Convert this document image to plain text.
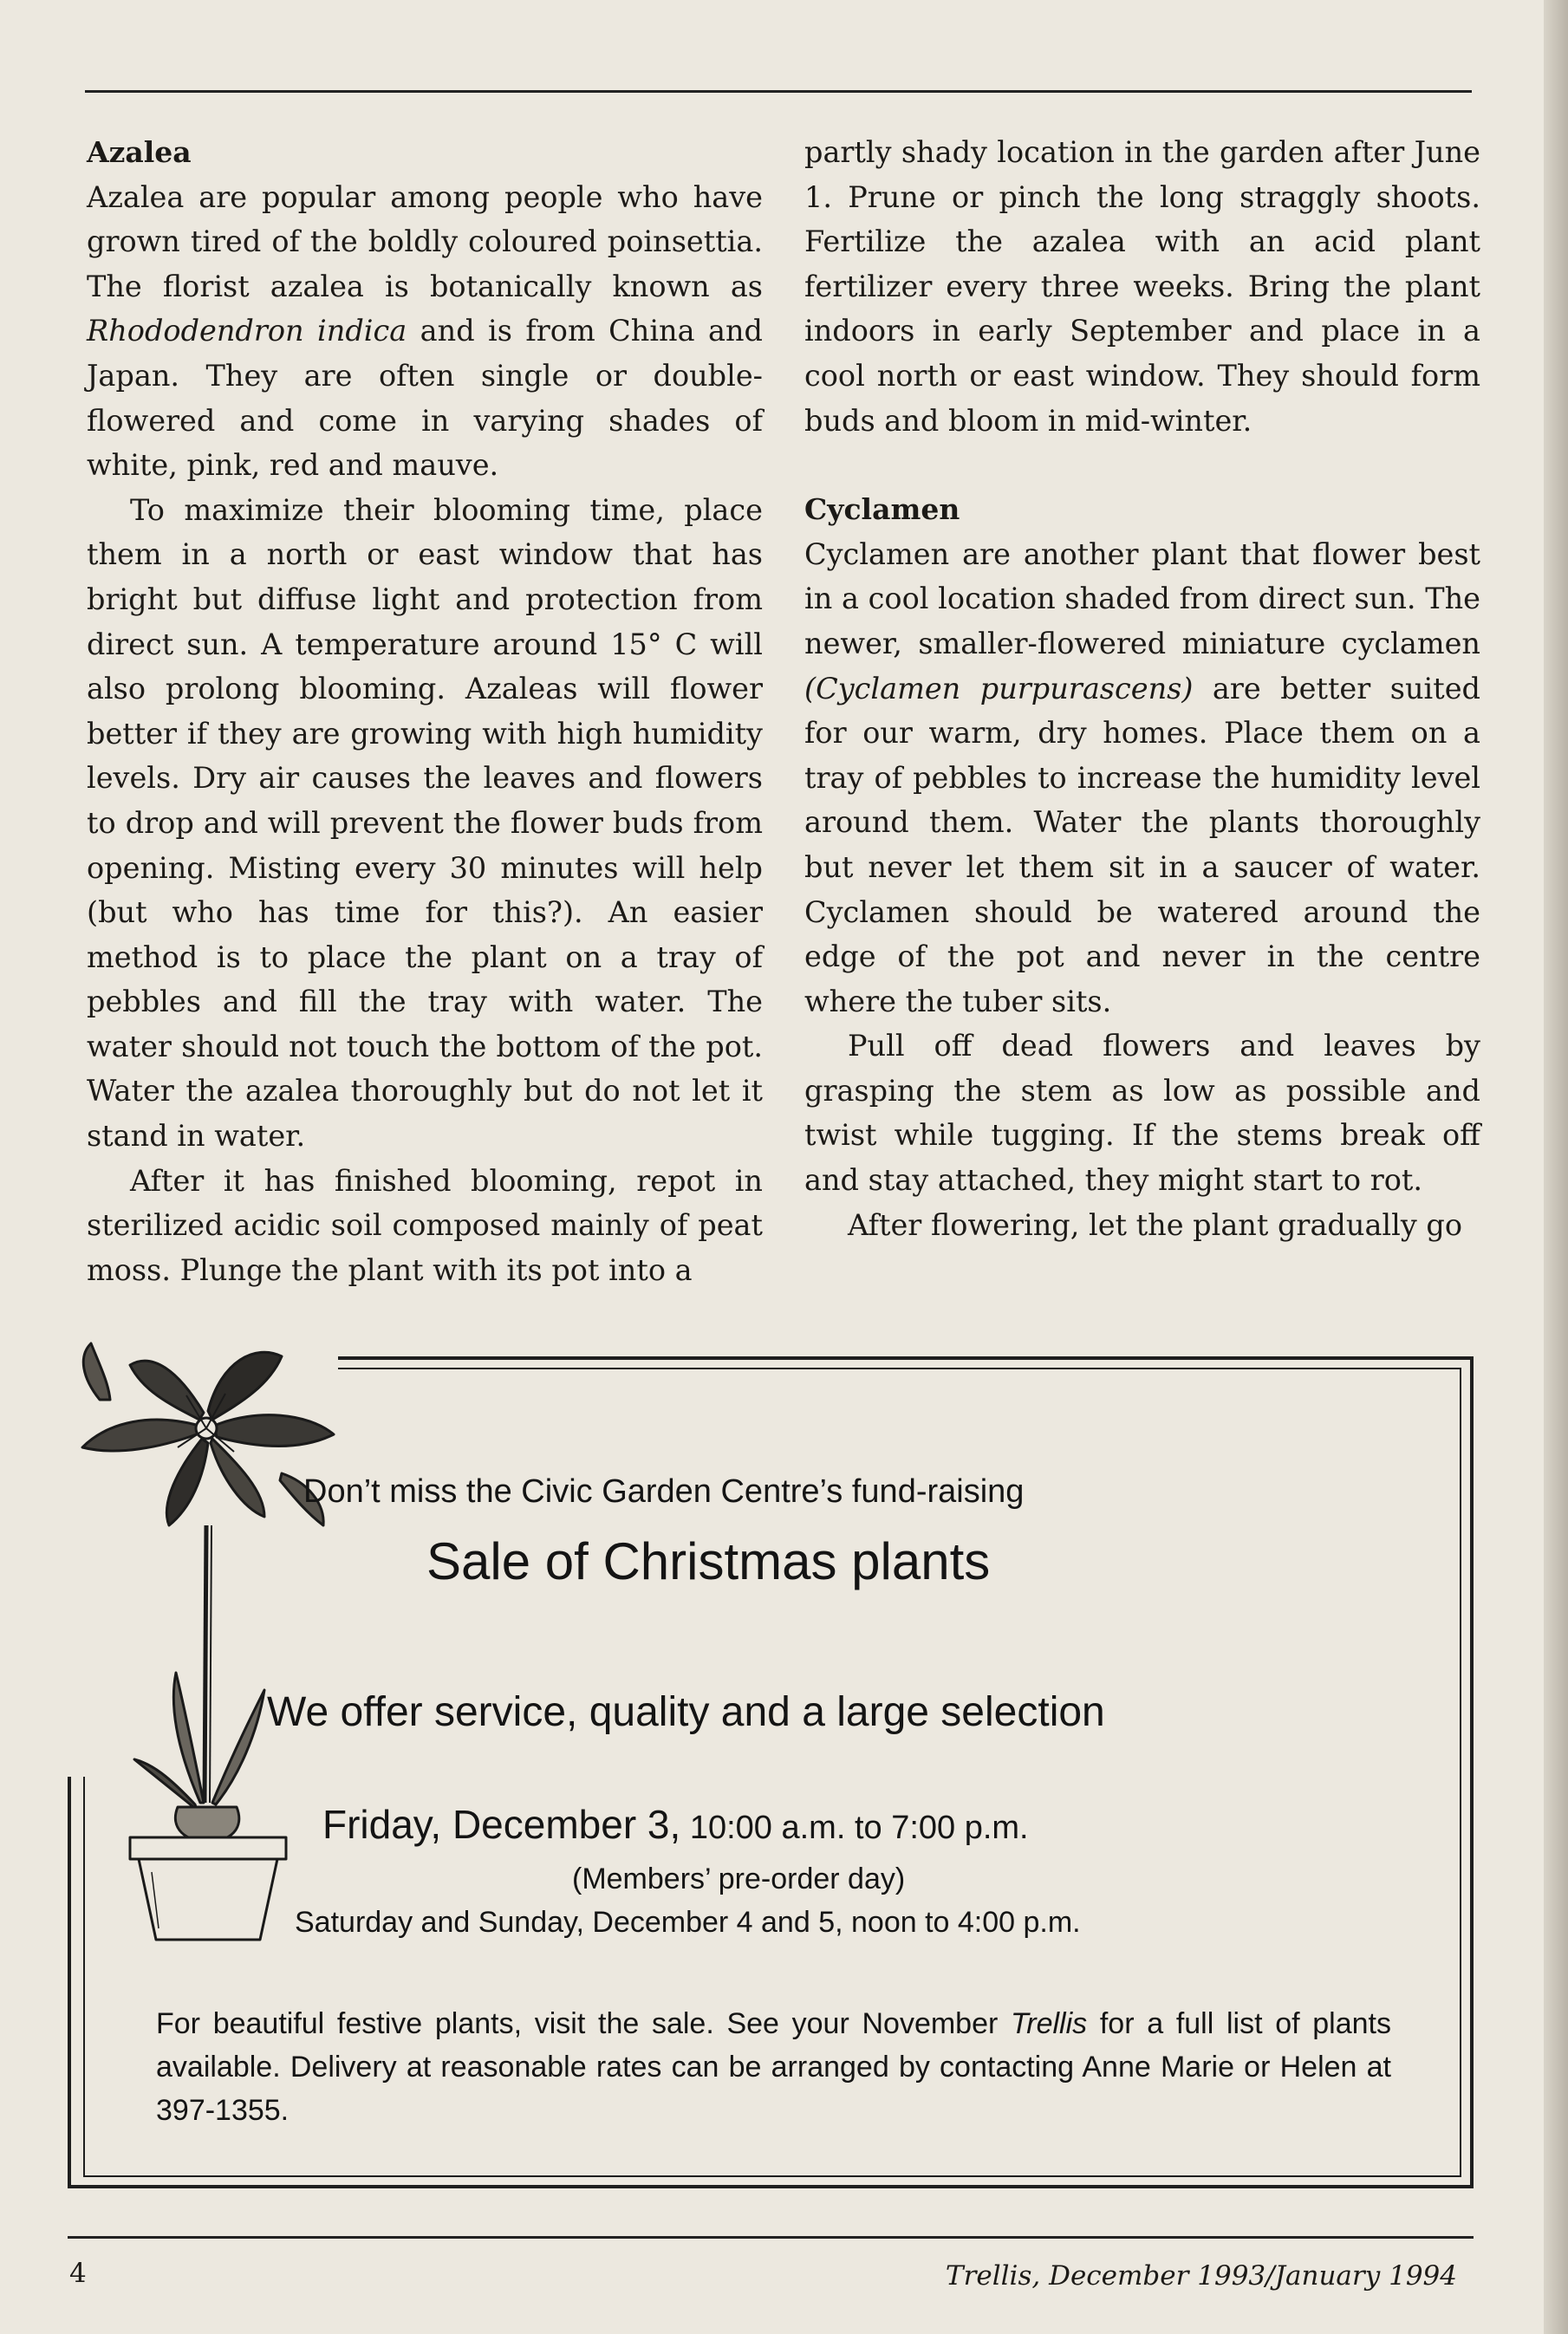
Azalea

Azalea are popular among people who have grown tired of the boldly coloured poinsettia. The florist azalea is botanically known as Rhododendron indica and is from China and Japan. They are often single or double-flowered and come in varying shades of white, pink, red and mauve.

To maximize their blooming time, place them in a north or east window that has bright but diffuse light and protection from direct sun. A temperature around 15° C will also prolong blooming. Azaleas will flower better if they are growing with high humidity levels. Dry air causes the leaves and flowers to drop and will prevent the flower buds from opening. Misting every 30 minutes will help (but who has time for this?). An easier method is to place the plant on a tray of pebbles and fill the tray with water. The water should not touch the bottom of the pot. Water the azalea thoroughly but do not let it stand in water.

After it has finished blooming, repot in sterilized acidic soil composed mainly of peat moss. Plunge the plant with its pot into a

partly shady location in the garden after June 1. Prune or pinch the long straggly shoots. Fertilize the azalea with an acid plant fertilizer every three weeks. Bring the plant indoors in early September and place in a cool north or east window. They should form buds and bloom in mid-winter.

Cyclamen

Cyclamen are another plant that flower best in a cool location shaded from direct sun. The newer, smaller-flowered miniature cyclamen (Cyclamen purpurascens) are better suited for our warm, dry homes. Place them on a tray of pebbles to increase the humidity level around them. Water the plants thoroughly but never let them sit in a saucer of water. Cyclamen should be watered around the edge of the pot and never in the centre where the tuber sits.

Pull off dead flowers and leaves by grasping the stem as low as possible and twist while tugging. If the stems break off and stay attached, they might start to rot.

After flowering, let the plant gradually go

Don’t miss the Civic Garden Centre’s fund-raising
Sale of Christmas plants
We offer service, quality and a large selection
Friday, December 3, 10:00 a.m. to 7:00 p.m.
(Members’ pre-order day)
Saturday and Sunday, December 4 and 5, noon to 4:00 p.m.
For beautiful festive plants, visit the sale. See your November Trellis for a full list of plants available. Delivery at reasonable rates can be arranged by contacting Anne Marie or Helen at 397-1355.
4	Trellis, December 1993/January 1994
